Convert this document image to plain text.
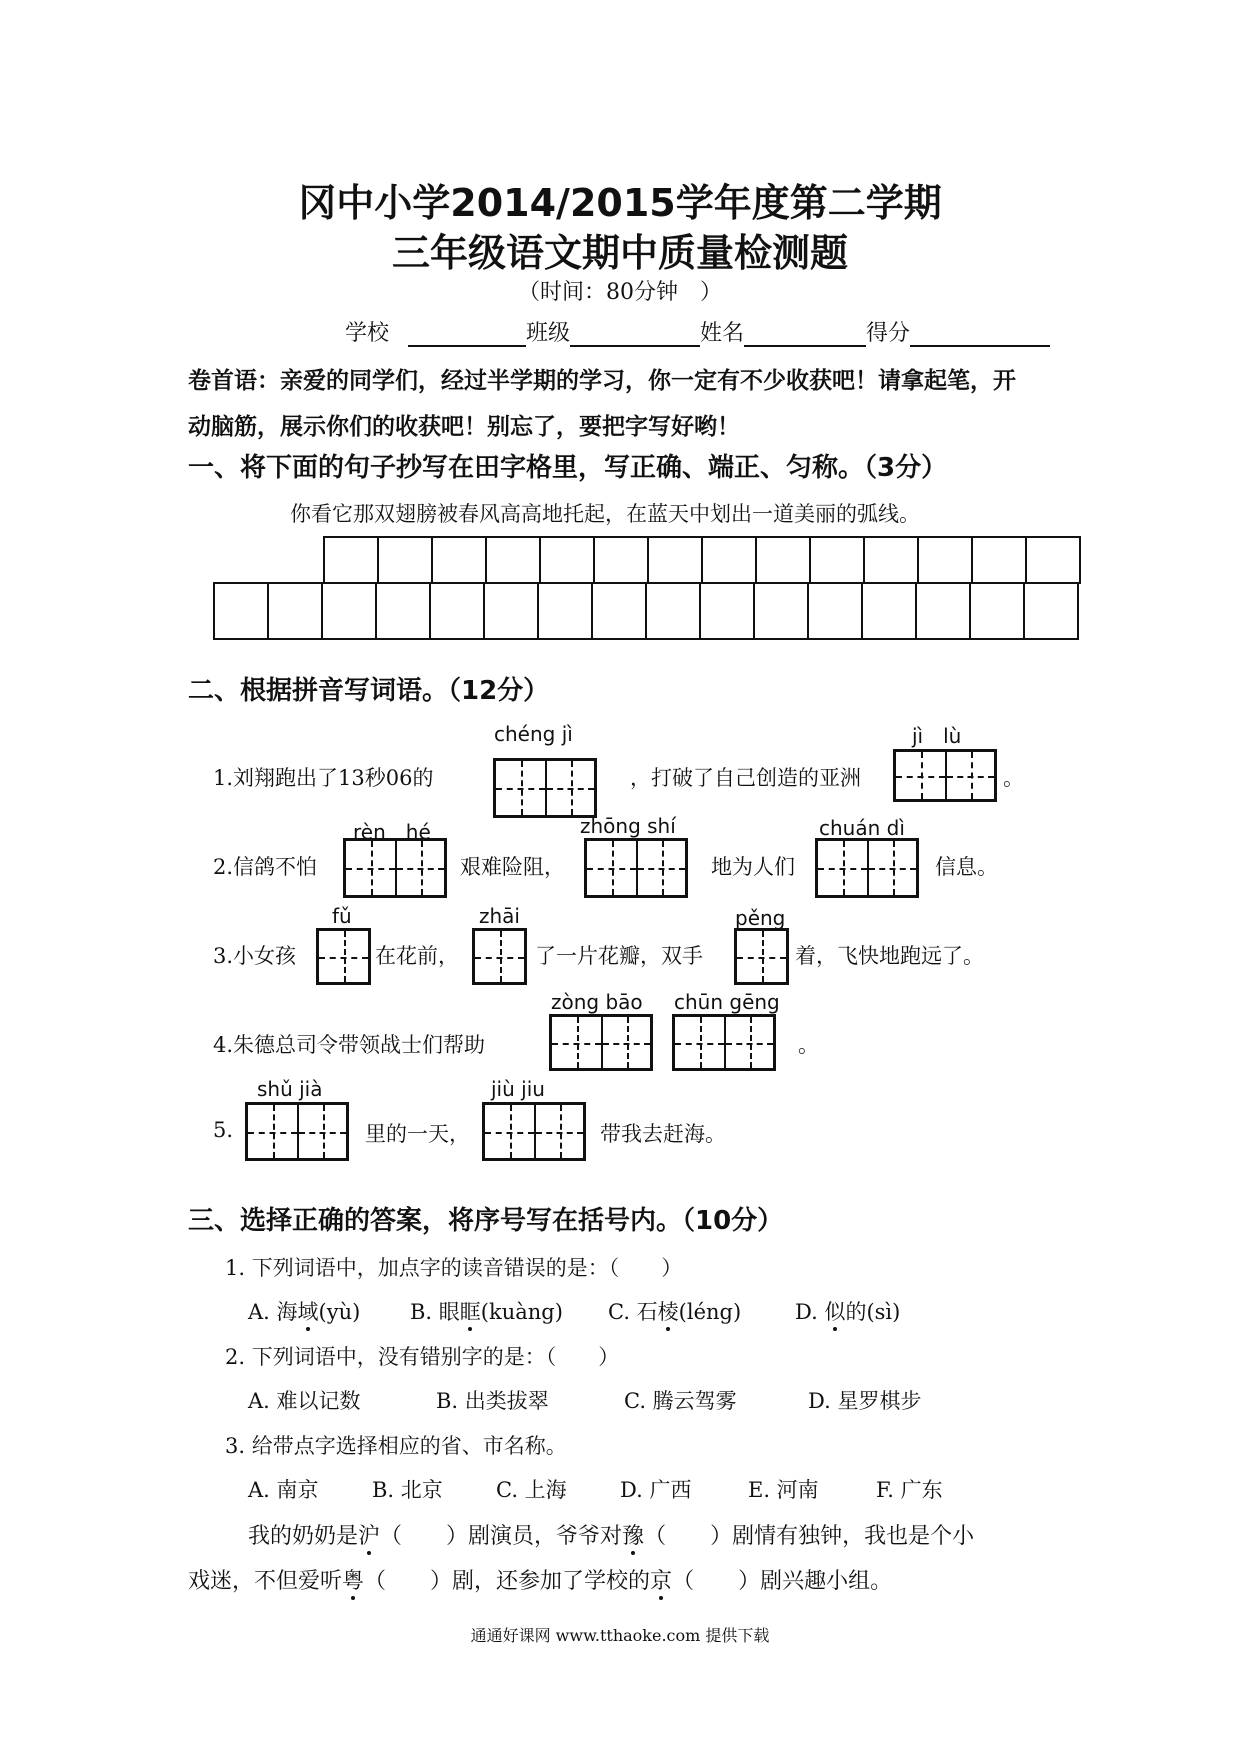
冈中小学2014/2015学年度第二学期
三年级语文期中质量检测题
（时间：80分钟　）
学校	班级	姓名	得分
卷首语：亲爱的同学们，经过半学期的学习，你一定有不少收获吧！请拿起笔，开
动脑筋，展示你们的收获吧！别忘了，要把字写好哟！
一、将下面的句子抄写在田字格里，写正确、端正、匀称。（3分）
你看它那双翅膀被春风高高地托起，在蓝天中划出一道美丽的弧线。

二、根据拼音写词语。（12分）
chéng jì	jì　lù
1.刘翔跑出了13秒06的	，打破了自己创造的亚洲	。
rèn　hé	zhōng shí	chuán dì
2.信鸽不怕	艰难险阻，	地为人们	信息。
fǔ	zhāi	pěng
3.小女孩	在花前，	了一片花瓣，双手	着，飞快地跑远了。
zòng bāo chūn gēng
4.朱德总司令带领战士们帮助	。
shǔ jià	jiù jiu
5.	里的一天，	带我去赶海。
三、选择正确的答案，将序号写在括号内。（10分）
1. 下列词语中，加点字的读音错误的是：（　　）
A. 海域(yù) B. 眼眶(kuàng) C. 石棱(léng)	D. 似的(sì)
2. 下列词语中，没有错别字的是：（　　）
A. 难以记数	B. 出类拔翠	C. 腾云驾雾	D. 星罗棋步
3. 给带点字选择相应的省、市名称。
A. 南京	B. 北京	C. 上海	D. 广西	E. 河南	F. 广东
我的奶奶是沪（　　）剧演员，爷爷对豫（　　）剧情有独钟，我也是个小
戏迷，不但爱听粤（　　）剧，还参加了学校的京（　　）剧兴趣小组。
通通好课网 www.tthaoke.com 提供下载
